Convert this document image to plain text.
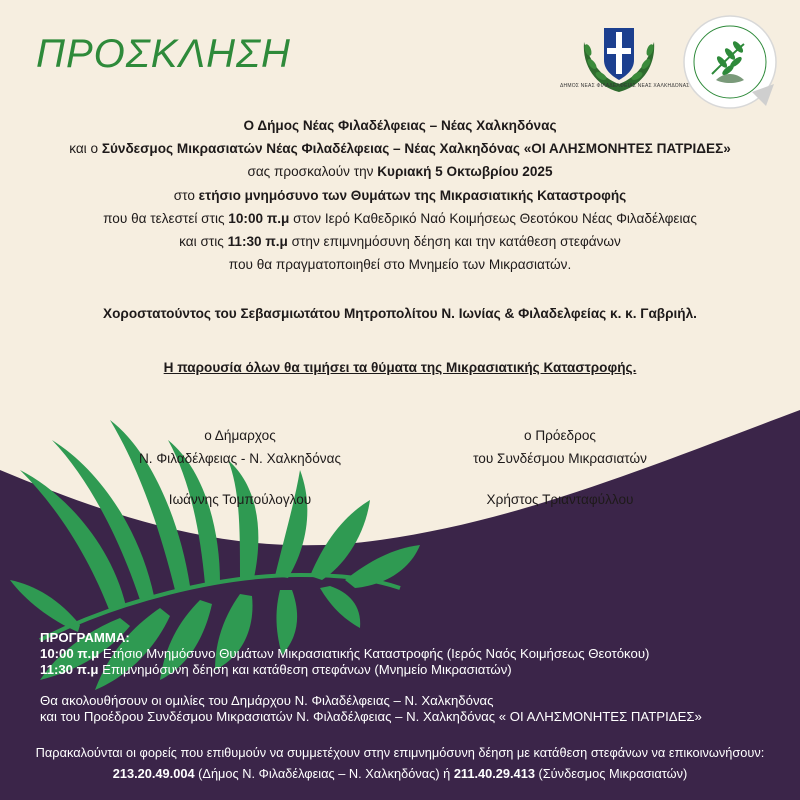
ΠΡΟΣΚΛΗΣΗ
ΔΗΜΟΣ ΝΕΑΣ ΦΙΛΑΔΕΛΦΕΙΑΣ ΝΕΑΣ ΧΑΛΚΗΔΟΝΑΣ
Ο Δήμος Νέας Φιλαδέλφειας – Νέας Χαλκηδόνας
και ο Σύνδεσμος Μικρασιατών Νέας Φιλαδέλφειας – Νέας Χαλκηδόνας «ΟΙ ΑΛΗΣΜΟΝΗΤΕΣ ΠΑΤΡΙΔΕΣ»
σας προσκαλούν την Κυριακή 5 Οκτωβρίου 2025
στο ετήσιο μνημόσυνο των Θυμάτων της Μικρασιατικής Καταστροφής
που θα τελεστεί στις 10:00 π.μ στον Ιερό Καθεδρικό Ναό Κοιμήσεως Θεοτόκου Νέας Φιλαδέλφειας
και στις 11:30 π.μ στην επιμνημόσυνη δέηση και την κατάθεση στεφάνων
που θα πραγματοποιηθεί στο Μνημείο των Μικρασιατών.
Χοροστατούντος του Σεβασμιωτάτου Μητροπολίτου Ν. Ιωνίας & Φιλαδελφείας κ. κ. Γαβριήλ.
Η παρουσία όλων θα τιμήσει τα θύματα της Μικρασιατικής Καταστροφής.
ο Δήμαρχος
Ν. Φιλαδέλφειας - Ν. Χαλκηδόνας
Ιωάννης Τομπούλογλου
ο Πρόεδρος
του Συνδέσμου Μικρασιατών
Χρήστος Τριανταφύλλου
ΠΡΟΓΡΑΜΜΑ:
10:00 π.μ Ετήσιο Μνημόσυνο Θυμάτων Μικρασιατικής Καταστροφής (Ιερός Ναός Κοιμήσεως Θεοτόκου)
11:30 π.μ Επιμνημόσυνη δέηση και κατάθεση στεφάνων (Μνημείο Μικρασιατών)
Θα ακολουθήσουν οι ομιλίες του Δημάρχου Ν. Φιλαδέλφειας – Ν. Χαλκηδόνας
και του Προέδρου Συνδέσμου Μικρασιατών Ν. Φιλαδέλφειας – Ν. Χαλκηδόνας « ΟΙ ΑΛΗΣΜΟΝΗΤΕΣ ΠΑΤΡΙΔΕΣ»
Παρακαλούνται οι φορείς που επιθυμούν να συμμετέχουν στην επιμνημόσυνη δέηση με κατάθεση στεφάνων να επικοινωνήσουν:
213.20.49.004 (Δήμος Ν. Φιλαδέλφειας – Ν. Χαλκηδόνας) ή 211.40.29.413 (Σύνδεσμος Μικρασιατών)
